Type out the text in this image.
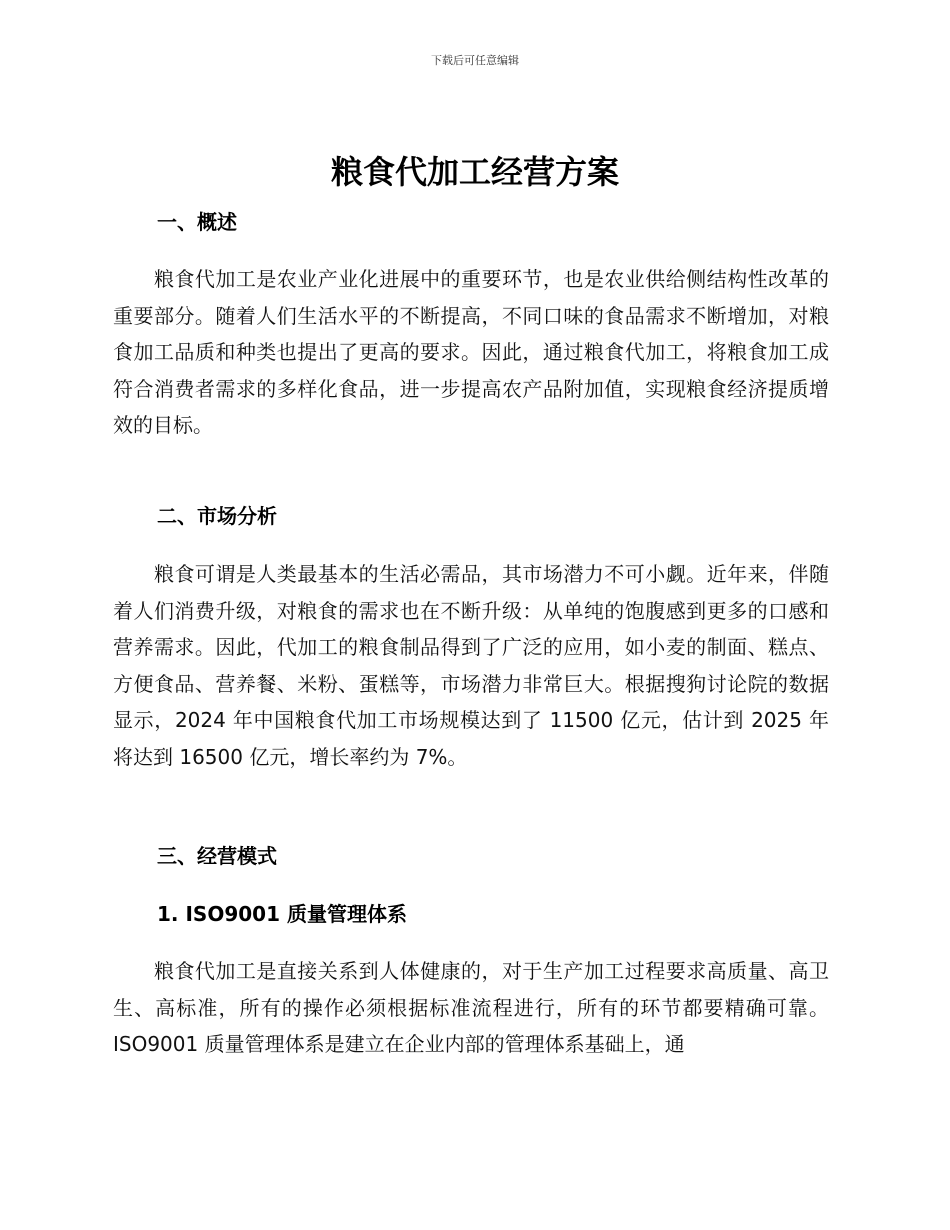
下载后可任意编辑
粮食代加工经营方案
一、概述
粮食代加工是农业产业化进展中的重要环节，也是农业供给侧结构性改革的重要部分。随着人们生活水平的不断提高，不同口味的食品需求不断增加，对粮食加工品质和种类也提出了更高的要求。因此，通过粮食代加工，将粮食加工成符合消费者需求的多样化食品，进一步提高农产品附加值，实现粮食经济提质增效的目标。
二、市场分析
粮食可谓是人类最基本的生活必需品，其市场潜力不可小觑。近年来，伴随着人们消费升级，对粮食的需求也在不断升级：从单纯的饱腹感到更多的口感和营养需求。因此，代加工的粮食制品得到了广泛的应用，如小麦的制面、糕点、方便食品、营养餐、米粉、蛋糕等，市场潜力非常巨大。根据搜狗讨论院的数据显示，2024 年中国粮食代加工市场规模达到了 11500 亿元，估计到 2025 年将达到 16500 亿元，增长率约为 7%。
三、经营模式
1. ISO9001 质量管理体系
粮食代加工是直接关系到人体健康的，对于生产加工过程要求高质量、高卫生、高标准，所有的操作必须根据标准流程进行，所有的环节都要精确可靠。 ISO9001 质量管理体系是建立在企业内部的管理体系基础上，通
